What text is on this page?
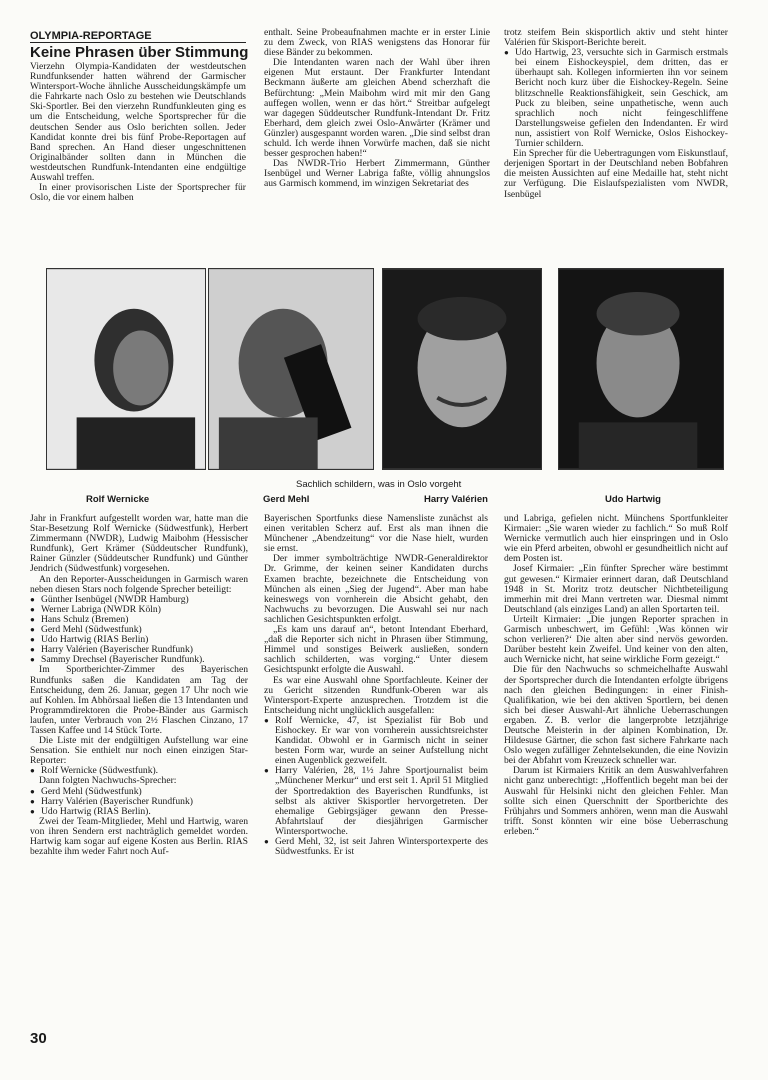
OLYMPIA-REPORTAGE
Keine Phrasen über Stimmung

Vierzehn Olympia-Kandidaten der westdeutschen Rundfunksender hatten während der Garmischer Wintersport-Woche ähnliche Ausscheidungskämpfe um die Fahrkarte nach Oslo zu bestehen wie Deutschlands Ski-Sportler. Bei den vierzehn Rundfunkleuten ging es um die Entscheidung, welche Sportsprecher für die deutschen Sender aus Oslo berichten sollen. Jeder Kandidat konnte drei bis fünf Probe-Reportagen auf Band sprechen. An Hand dieser ungeschnittenen Originalbänder sollten dann in München die westdeutschen Rundfunk-Intendanten eine endgültige Auswahl treffen.

In einer provisorischen Liste der Sportsprecher für Oslo, die vor einem halben

enthalt. Seine Probeaufnahmen machte er in erster Linie zu dem Zweck, von RIAS wenigstens das Honorar für diese Bänder zu bekommen.

Die Intendanten waren nach der Wahl über ihren eigenen Mut erstaunt. Der Frankfurter Intendant Beckmann äußerte am gleichen Abend scherzhaft die Befürchtung: „Mein Maibohm wird mit mir den Gang auffegen wollen, wenn er das hört.“ Streitbar aufgelegt war dagegen Süddeutscher Rundfunk-Intendant Dr. Fritz Eberhard, dem gleich zwei Oslo-Anwärter (Krämer und Günzler) ausgespannt worden waren. „Die sind selbst dran schuld. Ich werde ihnen Vorwürfe machen, daß sie nicht besser gesprochen haben!“

Das NWDR-Trio Herbert Zimmermann, Günther Isenbügel und Werner Labriga faßte, völlig ahnungslos aus Garmisch kommend, im winzigen Sekretariat des

trotz steifem Bein skisportlich aktiv und steht hinter Valérien für Skisport-Berichte bereit.

● Udo Hartwig, 23, versuchte sich in Garmisch erstmals bei einem Eishockeyspiel, dem dritten, das er überhaupt sah. Kollegen informierten ihn vor seinem Bericht noch kurz über die Eishockey-Regeln. Seine blitzschnelle Reaktionsfähigkeit, sein Geschick, am Puck zu bleiben, seine unpathetische, wenn auch sprachlich noch nicht feingeschliffene Darstellungsweise gefielen den Indendanten. Er wird nun, assistiert von Rolf Wernicke, Oslos Eishockey-Turnier schildern.

Ein Sprecher für die Uebertragungen vom Eiskunstlauf, derjenigen Sportart in der Deutschland neben Bobfahren die meisten Aussichten auf eine Medaille hat, steht nicht zur Verfügung. Die Eislaufspezialisten vom NWDR, Isenbügel

Sachlich schildern, was in Oslo vorgeht
Rolf Wernicke	Gerd Mehl	Harry Valérien	Udo Hartwig

Jahr in Frankfurt aufgestellt worden war, hatte man die Star-Besetzung Rolf Wernicke (Südwestfunk), Herbert Zimmermann (NWDR), Ludwig Maibohm (Hessischer Rundfunk), Gert Krämer (Süddeutscher Rundfunk), Rainer Günzler (Süddeutscher Rundfunk) und Günther Jendrich (Südwestfunk) vorgesehen.

An den Reporter-Ausscheidungen in Garmisch waren neben diesen Stars noch folgende Sprecher beteiligt:

● Günther Isenbügel (NWDR Hamburg)

● Werner Labriga (NWDR Köln)

● Hans Schulz (Bremen)

● Gerd Mehl (Südwestfunk)

● Udo Hartwig (RIAS Berlin)

● Harry Valérien (Bayerischer Rundfunk)

● Sammy Drechsel (Bayerischer Rundfunk).

Im Sportberichter-Zimmer des Bayerischen Rundfunks saßen die Kandidaten am Tag der Entscheidung, dem 26. Januar, gegen 17 Uhr noch wie auf Kohlen. Im Abhörsaal ließen die 13 Intendanten und Programmdirektoren die Probe-Bänder aus Garmisch laufen, unter Verbrauch von 2½ Flaschen Cinzano, 17 Tassen Kaffee und 14 Stück Torte.

Die Liste mit der endgültigen Aufstellung war eine Sensation. Sie enthielt nur noch einen einzigen Star-Reporter:

● Rolf Wernicke (Südwestfunk).

Dann folgten Nachwuchs-Sprecher:

● Gerd Mehl (Südwestfunk)

● Harry Valérien (Bayerischer Rundfunk)

● Udo Hartwig (RIAS Berlin).

Zwei der Team-Mitglieder, Mehl und Hartwig, waren von ihren Sendern erst nachträglich gemeldet worden. Hartwig kam sogar auf eigene Kosten aus Berlin. RIAS bezahlte ihm weder Fahrt noch Auf-

Bayerischen Sportfunks diese Namensliste zunächst als einen veritablen Scherz auf. Erst als man ihnen die Münchener „Abendzeitung“ vor die Nase hielt, wurden sie ernst.

Der immer symbolträchtige NWDR-Generaldirektor Dr. Grimme, der keinen seiner Kandidaten durchs Examen brachte, bezeichnete die Entscheidung von München als einen „Sieg der Jugend“. Aber man habe keineswegs von vornherein die Absicht gehabt, den Nachwuchs zu bevorzugen. Die Auswahl sei nur nach sachlichen Gesichtspunkten erfolgt.

„Es kam uns darauf an“, betont Intendant Eberhard, „daß die Reporter sich nicht in Phrasen über Stimmung, Himmel und sonstiges Beiwerk ausließen, sondern sachlich schilderten, was vorging.“ Unter diesem Gesichtspunkt erfolgte die Auswahl.

Es war eine Auswahl ohne Sportfachleute. Keiner der zu Gericht sitzenden Rundfunk-Oberen war als Wintersport-Experte anzusprechen. Trotzdem ist die Entscheidung nicht unglücklich ausgefallen:

● Rolf Wernicke, 47, ist Spezialist für Bob und Eishockey. Er war von vornherein aussichtsreichster Kandidat. Obwohl er in Garmisch nicht in seiner besten Form war, wurde an seiner Aufstellung nicht einen Augenblick gezweifelt.

● Harry Valérien, 28, 1½ Jahre Sportjournalist beim „Münchener Merkur“ und erst seit 1. April 51 Mitglied der Sportredaktion des Bayerischen Rundfunks, ist selbst als aktiver Skisportler hervorgetreten. Der ehemalige Gebirgsjäger gewann den Presse-Abfahrtslauf der diesjährigen Garmischer Wintersportwoche.

● Gerd Mehl, 32, ist seit Jahren Wintersportexperte des Südwestfunks. Er ist

und Labriga, gefielen nicht. Münchens Sportfunkleiter Kirmaier: „Sie waren wieder zu fachlich.“ So muß Rolf Wernicke vermutlich auch hier einspringen und in Oslo wie ein Pferd arbeiten, obwohl er gesundheitlich nicht auf dem Posten ist.

Josef Kirmaier: „Ein fünfter Sprecher wäre bestimmt gut gewesen.“ Kirmaier erinnert daran, daß Deutschland 1948 in St. Moritz trotz deutscher Nichtbeteiligung immerhin mit drei Mann vertreten war. Diesmal nimmt Deutschland (als einziges Land) an allen Sportarten teil.

Urteilt Kirmaier: „Die jungen Reporter sprachen in Garmisch unbeschwert, im Gefühl: ‚Was können wir schon verlieren?‘ Die alten aber sind nervös geworden. Darüber besteht kein Zweifel. Und keiner von den alten, auch Wernicke nicht, hat seine wirkliche Form gezeigt.“

Die für den Nachwuchs so schmeichelhafte Auswahl der Sportsprecher durch die Intendanten erfolgte übrigens nach den gleichen Bedingungen: in einer Finish-Qualifikation, wie bei den aktiven Sportlern, bei denen sich bei dieser Auswahl-Art ähnliche Ueberraschungen ergaben. Z. B. verlor die langerprobte letztjährige Deutsche Meisterin in der alpinen Kombination, Dr. Hildesuse Gärtner, die schon fast sichere Fahrkarte nach Oslo wegen zufälliger Zehntelsekunden, die eine Novizin bei der Abfahrt vom Kreuzeck schneller war.

Darum ist Kirmaiers Kritik an dem Auswahlverfahren nicht ganz unberechtigt: „Hoffentlich begeht man bei der Auswahl für Helsinki nicht den gleichen Fehler. Man sollte sich einen Querschnitt der Sportberichte des Frühjahrs und Sommers anhören, wenn man die Auswahl trifft. Sonst könnten wir eine böse Ueberraschung erleben.“

30
